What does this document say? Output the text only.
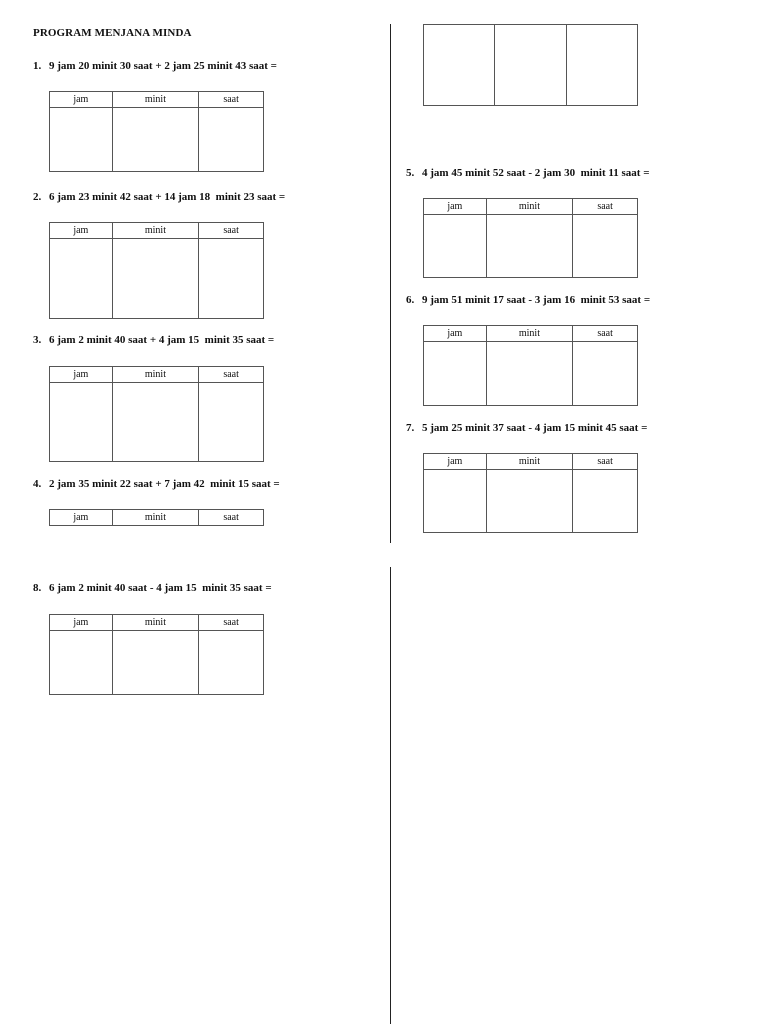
PROGRAM MENJANA MINDA
1. 9 jam 20 minit 30 saat + 2 jam 25 minit 43 saat =
jam	minit	saat

2. 6 jam 23 minit 42 saat + 14 jam 18  minit 23 saat =
jam	minit	saat

3. 6 jam 2 minit 40 saat + 4 jam 15  minit 35 saat =
jam	minit	saat

4. 2 jam 35 minit 22 saat + 7 jam 42  minit 15 saat =
jam	minit	saat

5. 4 jam 45 minit 52 saat - 2 jam 30  minit 11 saat =
jam	minit	saat

6. 9 jam 51 minit 17 saat - 3 jam 16  minit 53 saat =
jam	minit	saat

7. 5 jam 25 minit 37 saat - 4 jam 15 minit 45 saat =
jam	minit	saat

8. 6 jam 2 minit 40 saat - 4 jam 15  minit 35 saat =
jam	minit	saat
